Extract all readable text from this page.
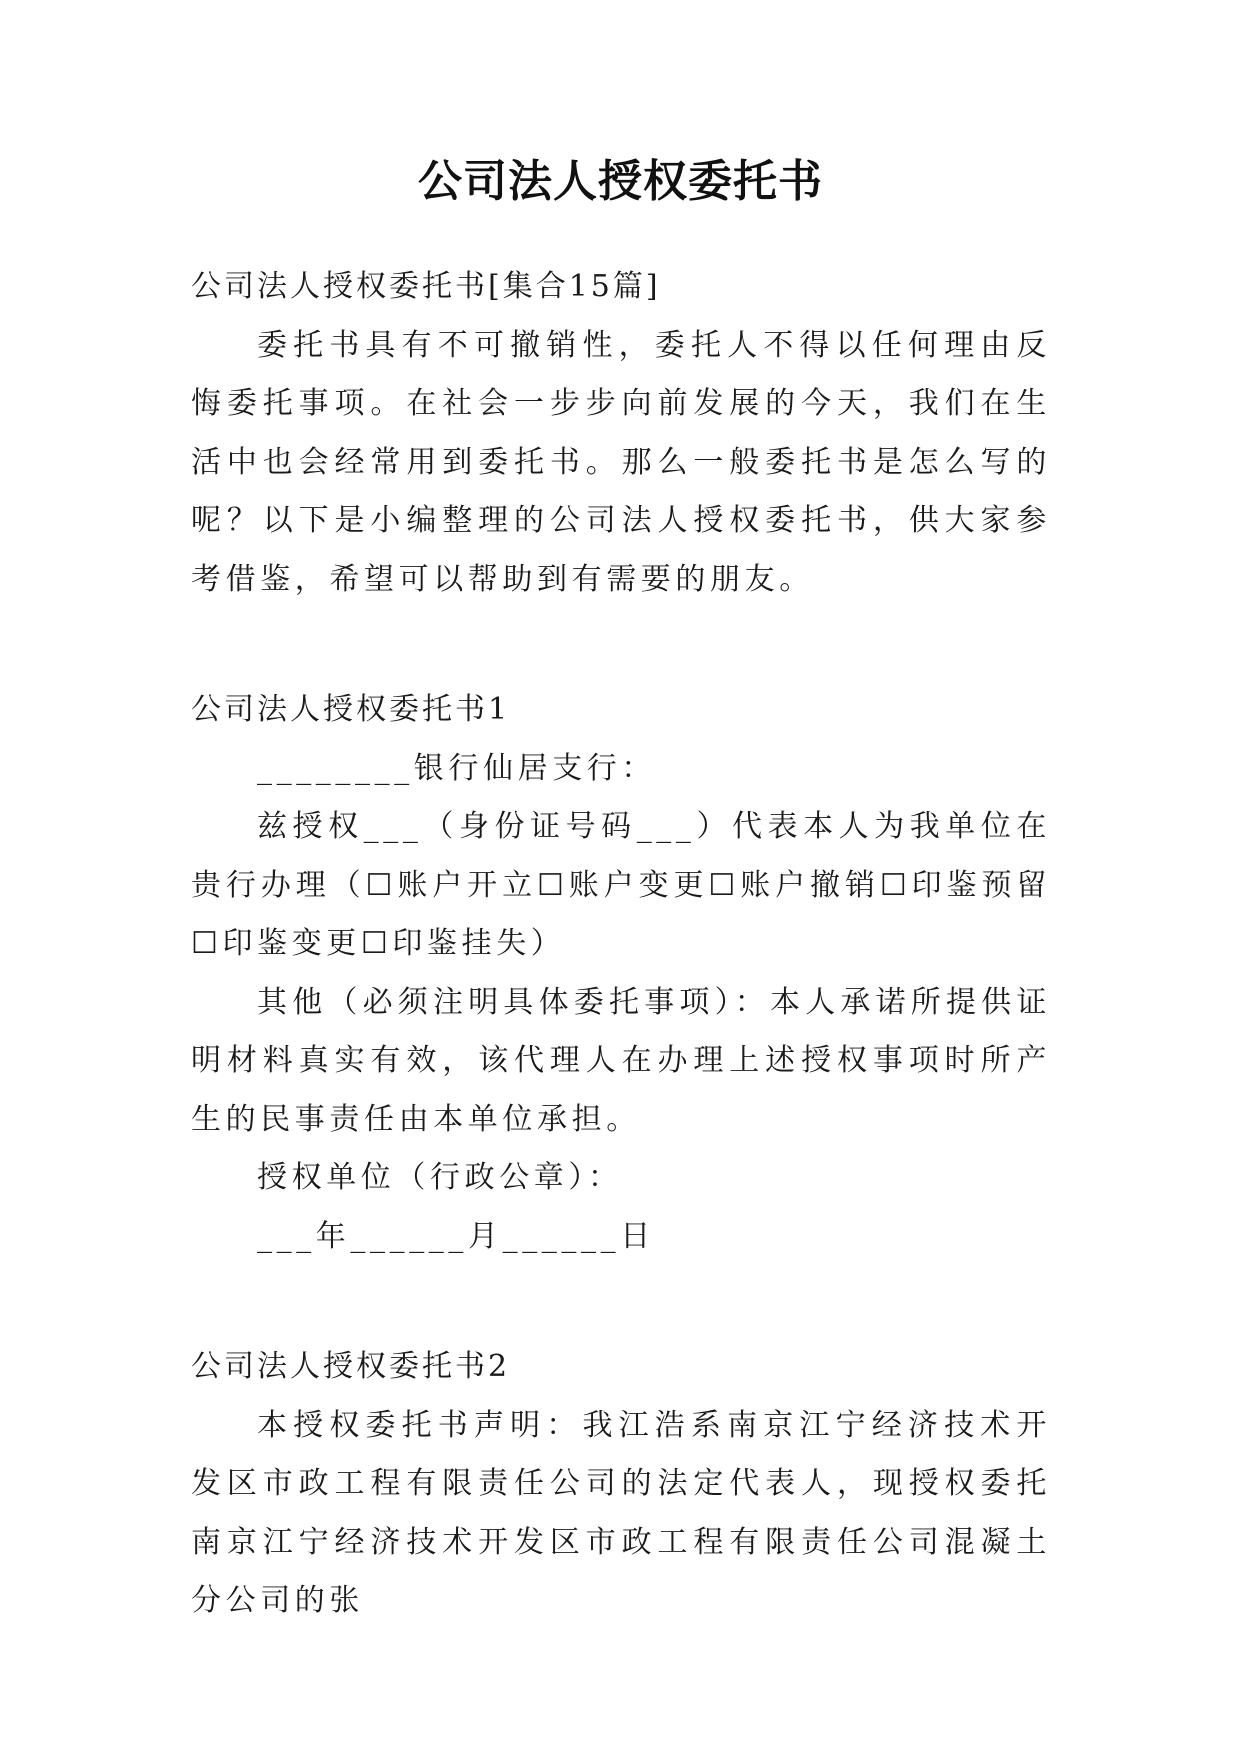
公司法人授权委托书

公司法人授权委托书[集合15篇]

委托书具有不可撤销性，委托人不得以任何理由反悔委托事项。在社会一步步向前发展的今天，我们在生活中也会经常用到委托书。那么一般委托书是怎么写的呢？以下是小编整理的公司法人授权委托书，供大家参考借鉴，希望可以帮助到有需要的朋友。

公司法人授权委托书1

________银行仙居支行：

兹授权___（身份证号码___）代表本人为我单位在贵行办理（☐账户开立☐账户变更☐账户撤销☐印鉴预留☐印鉴变更☐印鉴挂失）

其他（必须注明具体委托事项）：本人承诺所提供证明材料真实有效，该代理人在办理上述授权事项时所产生的民事责任由本单位承担。

授权单位（行政公章）：

___年______月______日

公司法人授权委托书2

本授权委托书声明：我江浩系南京江宁经济技术开发区市政工程有限责任公司的法定代表人，现授权委托南京江宁经济技术开发区市政工程有限责任公司混凝土分公司的张
